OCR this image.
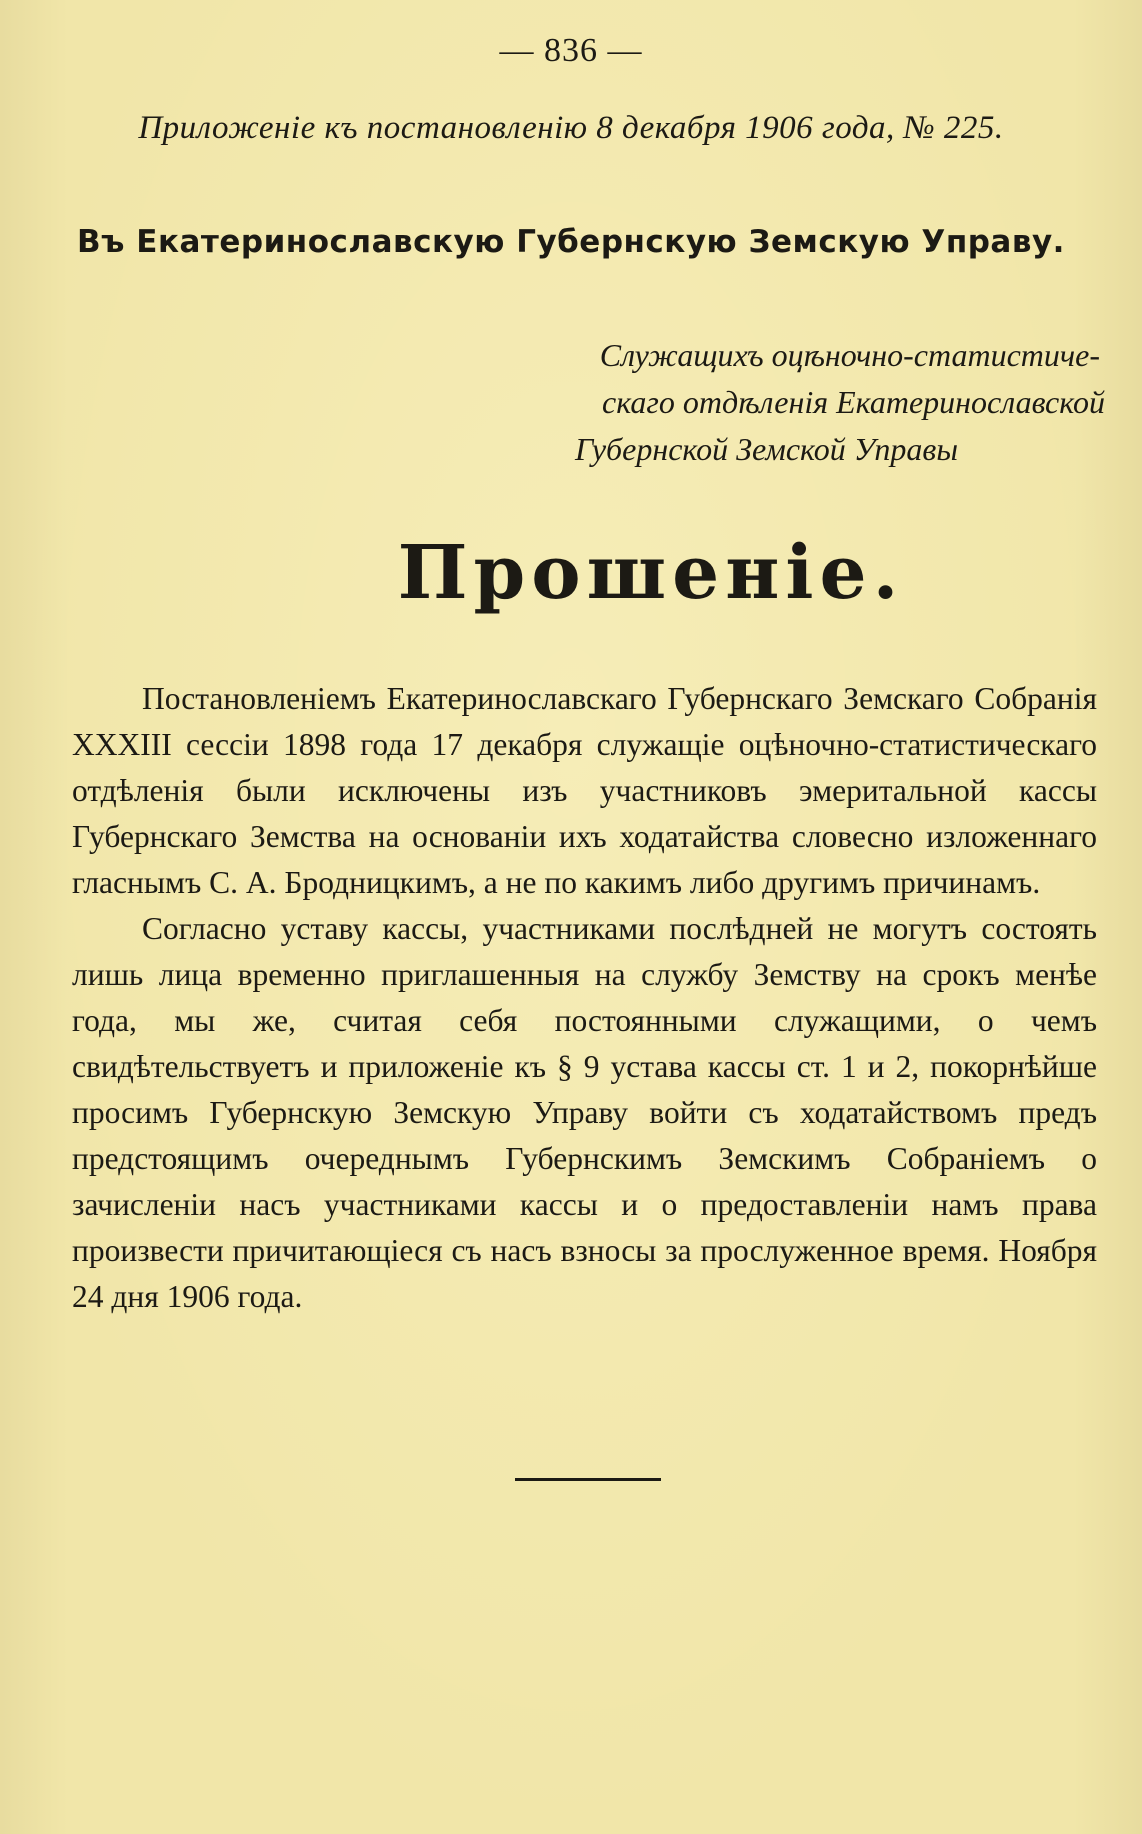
— 836 —
Приложеніе къ постановленію 8 декабря 1906 года, № 225.
Въ Екатеринославскую Губернскую Земскую Управу.
Служащихъ оцѣночно-статистиче-
скаго отдѣленія Екатеринославской
Губернской Земской Управы
Прошеніе.

Постановленіемъ Екатеринославскаго Губернскаго Земскаго Собранія XXXIII сессіи 1898 года 17 декабря служащіе оцѣночно-статистическаго отдѣленія были исключены изъ участниковъ эмеритальной кассы Губернскаго Земства на основаніи ихъ ходатайства словесно изложеннаго гласнымъ С. А. Бродницкимъ, а не по какимъ либо другимъ причинамъ.

Согласно уставу кассы, участниками послѣдней не могутъ состоять лишь лица временно приглашенныя на службу Земству на срокъ менѣе года, мы же, считая себя постоянными служащими, о чемъ свидѣтельствуетъ и приложеніе къ § 9 устава кассы ст. 1 и 2, покорнѣйше просимъ Губернскую Земскую Управу войти съ ходатайствомъ предъ предстоящимъ очереднымъ Губернскимъ Земскимъ Собраніемъ о зачисленіи насъ участниками кассы и о предоставленіи намъ права произвести причитающіеся съ насъ взносы за прослуженное время. Ноября 24 дня 1906 года.
